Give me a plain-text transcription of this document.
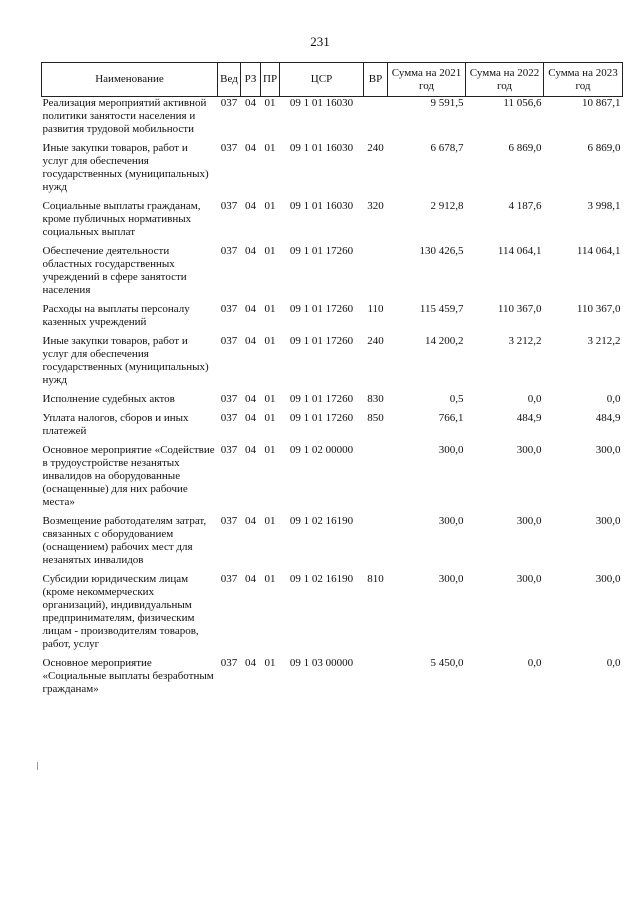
231
Наименование	Вед	РЗ	ПР	ЦСР	ВР	Сумма на 2021 год	Сумма на 2022 год	Сумма на 2023 год
Реализация мероприятий активной политики занятости населения и развития трудовой мобильности	037	04	01	09 1 01 16030		9 591,5	11 056,6	10 867,1
Иные закупки товаров, работ и услуг для обеспечения государственных (муниципальных) нужд	037	04	01	09 1 01 16030	240	6 678,7	6 869,0	6 869,0
Социальные выплаты гражданам, кроме публичных нормативных социальных выплат	037	04	01	09 1 01 16030	320	2 912,8	4 187,6	3 998,1
Обеспечение деятельности областных государственных учреждений в сфере занятости населения	037	04	01	09 1 01 17260		130 426,5	114 064,1	114 064,1
Расходы на выплаты персоналу казенных учреждений	037	04	01	09 1 01 17260	110	115 459,7	110 367,0	110 367,0
Иные закупки товаров, работ и услуг для обеспечения государственных (муниципальных) нужд	037	04	01	09 1 01 17260	240	14 200,2	3 212,2	3 212,2
Исполнение судебных актов	037	04	01	09 1 01 17260	830	0,5	0,0	0,0
Уплата налогов, сборов и иных платежей	037	04	01	09 1 01 17260	850	766,1	484,9	484,9
Основное мероприятие «Содействие в трудоустройстве незанятых инвалидов на оборудованные (оснащенные) для них рабочие места»	037	04	01	09 1 02 00000		300,0	300,0	300,0
Возмещение работодателям затрат, связанных с оборудованием (оснащением) рабочих мест для незанятых инвалидов	037	04	01	09 1 02 16190		300,0	300,0	300,0
Субсидии юридическим лицам (кроме некоммерческих организаций), индивидуальным предпринимателям, физическим лицам - производителям товаров, работ, услуг	037	04	01	09 1 02 16190	810	300,0	300,0	300,0
Основное мероприятие «Социальные выплаты безработным гражданам»	037	04	01	09 1 03 00000		5 450,0	0,0	0,0
